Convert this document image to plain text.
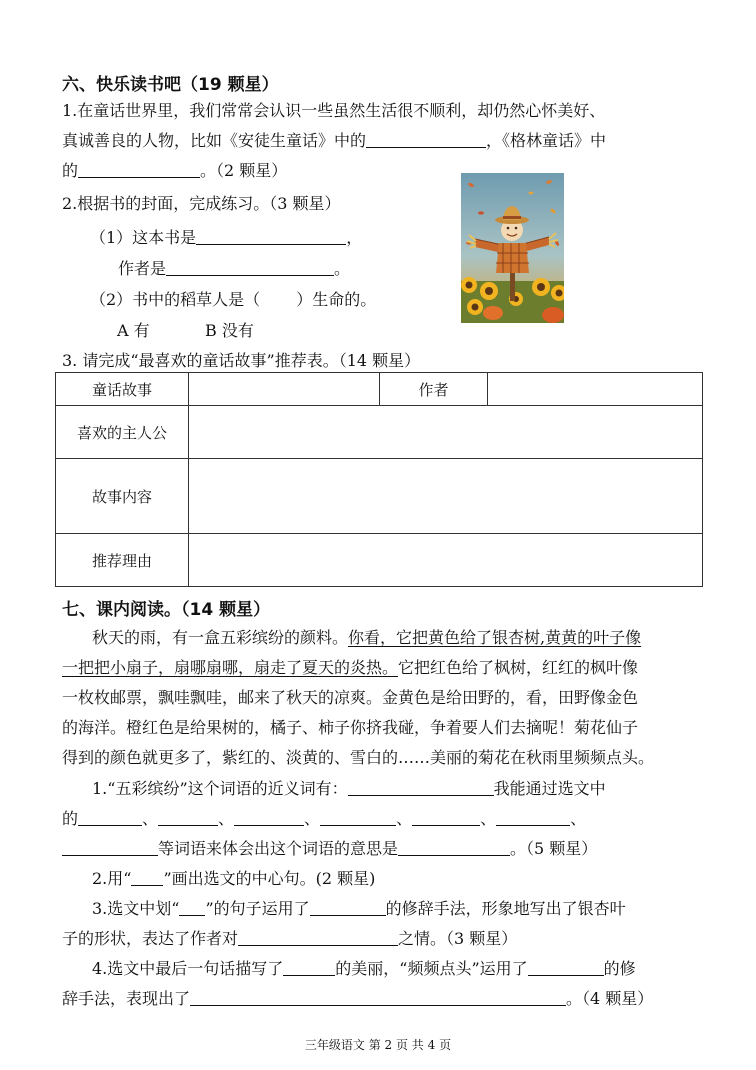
六、快乐读书吧（19 颗星）
1.在童话世界里，我们常常会认识一些虽然生活很不顺利，却仍然心怀美好、
真诚善良的人物，比如《安徒生童话》中的	，《格林童话》中
的	。（2 颗星）
2.根据书的封面，完成练习。（3 颗星）
（1）这本书是	，
作者是	。
（2）书中的稻草人是（ ）生命的。
A 有	B 没有
3. 请完成“最喜欢的童话故事”推荐表。（14 颗星）
童话故事		作者	
喜欢的主人公			
故事内容			
推荐理由			
七、课内阅读。（14 颗星）
秋天的雨，有一盒五彩缤纷的颜料。你看，它把黄色给了银杏树,黄黄的叶子像
一把把小扇子，扇哪扇哪，扇走了夏天的炎热。它把红色给了枫树，红红的枫叶像
一枚枚邮票，飘哇飘哇，邮来了秋天的凉爽。金黄色是给田野的，看，田野像金色
的海洋。橙红色是给果树的，橘子、柿子你挤我碰，争着要人们去摘呢！菊花仙子
得到的颜色就更多了，紫红的、淡黄的、雪白的……美丽的菊花在秋雨里频频点头。
1.“五彩缤纷”这个词语的近义词有：	我能通过选文中
的	、	、	、	、	、	、
等词语来体会出这个词语的意思是	。（5 颗星）
2.用“ ”画出选文的中心句。(2 颗星)
3.选文中划“ ”的句子运用了	的修辞手法，形象地写出了银杏叶
子的形状，表达了作者对	之情。（3 颗星）
4.选文中最后一句话描写了	的美丽，“频频点头”运用了	的修
辞手法，表现出了	。（4 颗星）
三年级语文 第 2 页 共 4 页
